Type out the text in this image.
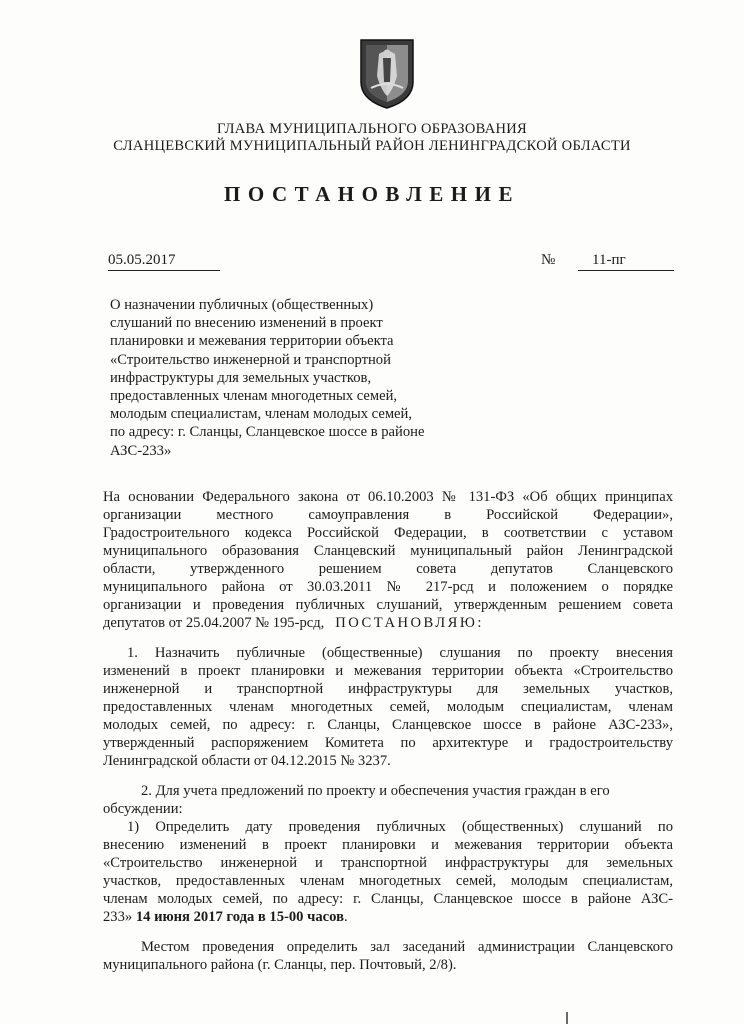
ГЛАВА МУНИЦИПАЛЬНОГО ОБРАЗОВАНИЯ
СЛАНЦЕВСКИЙ МУНИЦИПАЛЬНЫЙ РАЙОН ЛЕНИНГРАДСКОЙ ОБЛАСТИ
ПОСТАНОВЛЕНИЕ
05.05.2017	№	11-пг
О назначении публичных (общественных)
слушаний по внесению изменений в проект
планировки и межевания территории объекта
«Строительство инженерной и транспортной
инфраструктуры для земельных участков,
предоставленных членам многодетных семей,
молодым специалистам, членам молодых семей,
по адресу: г. Сланцы, Сланцевское шоссе в районе
АЗС-233»
На основании Федерального закона от 06.10.2003 № 131-ФЗ «Об общих принципах
организации местного самоуправления в Российской Федерации»,
Градостроительного кодекса Российской Федерации, в соответствии с уставом
муниципального образования Сланцевский муниципальный район Ленинградской
области, утвержденного решением совета депутатов Сланцевского
муниципального района от 30.03.2011 № 217-рсд и положением о порядке
организации и проведения публичных слушаний, утвержденным решением совета
депутатов от 25.04.2007 № 195-рсд, ПОСТАНОВЛЯЮ:
1. Назначить публичные (общественные) слушания по проекту внесения
изменений в проект планировки и межевания территории объекта «Строительство
инженерной и транспортной инфраструктуры для земельных участков,
предоставленных членам многодетных семей, молодым специалистам, членам
молодых семей, по адресу: г. Сланцы, Сланцевское шоссе в районе АЗС-233»,
утвержденный распоряжением Комитета по архитектуре и градостроительству
Ленинградской области от 04.12.2015 № 3237.
2. Для учета предложений по проекту и обеспечения участия граждан в его
обсуждении:
1) Определить дату проведения публичных (общественных) слушаний по
внесению изменений в проект планировки и межевания территории объекта
«Строительство инженерной и транспортной инфраструктуры для земельных
участков, предоставленных членам многодетных семей, молодым специалистам,
членам молодых семей, по адресу: г. Сланцы, Сланцевское шоссе в районе АЗС-
233» 14 июня 2017 года в 15-00 часов.
Местом проведения определить зал заседаний администрации Сланцевского
муниципального района (г. Сланцы, пер. Почтовый, 2/8).
